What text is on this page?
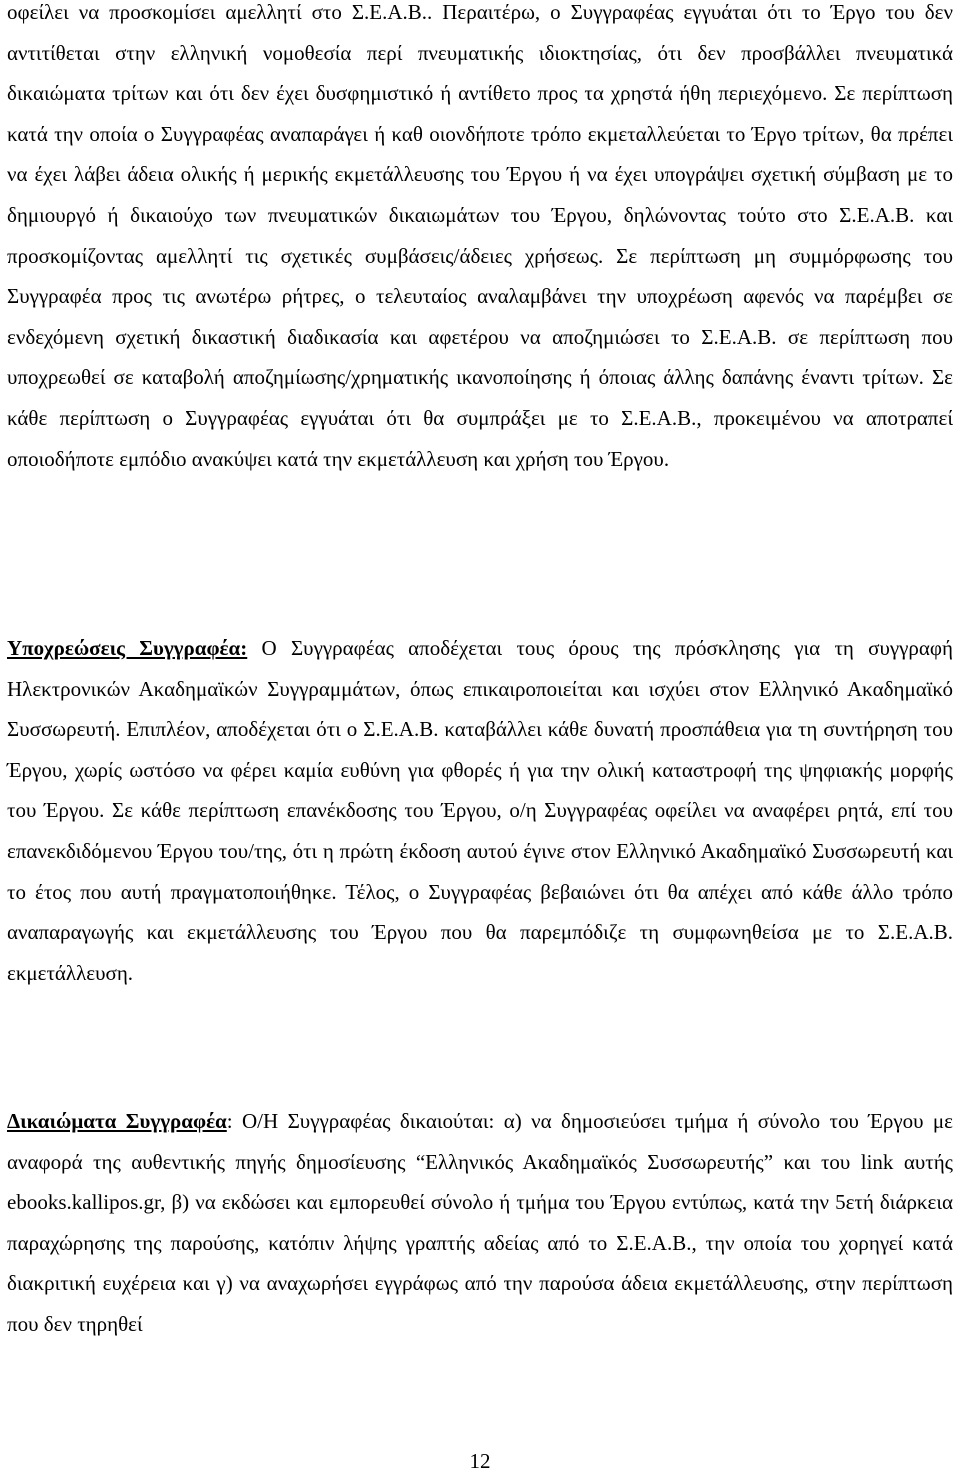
οφείλει να προσκομίσει αμελλητί στο Σ.Ε.Α.Β.. Περαιτέρω, ο Συγγραφέας εγγυάται ότι το Έργο του δεν αντιτίθεται στην ελληνική νομοθεσία περί πνευματικής ιδιοκτησίας, ότι δεν προσβάλλει πνευματικά δικαιώματα τρίτων και ότι δεν έχει δυσφημιστικό ή αντίθετο προς τα χρηστά ήθη περιεχόμενο. Σε περίπτωση κατά την οποία ο Συγγραφέας αναπαράγει ή καθ οιονδήποτε τρόπο εκμεταλλεύεται το Έργο τρίτων, θα πρέπει να έχει λάβει άδεια ολικής ή μερικής εκμετάλλευσης του Έργου ή να έχει υπογράψει σχετική σύμβαση με το δημιουργό ή δικαιούχο των πνευματικών δικαιωμάτων του Έργου, δηλώνοντας τούτο στο Σ.Ε.Α.Β. και προσκομίζοντας αμελλητί τις σχετικές συμβάσεις/άδειες χρήσεως. Σε περίπτωση μη συμμόρφωσης του Συγγραφέα προς τις ανωτέρω ρήτρες, ο τελευταίος αναλαμβάνει την υποχρέωση αφενός να παρέμβει σε ενδεχόμενη σχετική δικαστική διαδικασία και αφετέρου να αποζημιώσει το Σ.Ε.Α.Β. σε περίπτωση που υποχρεωθεί σε καταβολή αποζημίωσης/χρηματικής ικανοποίησης ή όποιας άλλης δαπάνης έναντι τρίτων. Σε κάθε περίπτωση ο Συγγραφέας εγγυάται ότι θα συμπράξει με το Σ.Ε.Α.Β., προκειμένου να αποτραπεί οποιοδήποτε εμπόδιο ανακύψει κατά την εκμετάλλευση και χρήση του Έργου.

Υποχρεώσεις Συγγραφέα: Ο Συγγραφέας αποδέχεται τους όρους της πρόσκλησης για τη συγγραφή Ηλεκτρονικών Ακαδημαϊκών Συγγραμμάτων, όπως επικαιροποιείται και ισχύει στον Ελληνικό Ακαδημαϊκό Συσσωρευτή. Επιπλέον, αποδέχεται ότι ο Σ.Ε.Α.Β. καταβάλλει κάθε δυνατή προσπάθεια για τη συντήρηση του Έργου, χωρίς ωστόσο να φέρει καμία ευθύνη για φθορές ή για την ολική καταστροφή της ψηφιακής μορφής του Έργου. Σε κάθε περίπτωση επανέκδοσης του Έργου, ο/η Συγγραφέας οφείλει να αναφέρει ρητά, επί του επανεκδιδόμενου Έργου του/της, ότι η πρώτη έκδοση αυτού έγινε στον Ελληνικό Ακαδημαϊκό Συσσωρευτή και το έτος που αυτή πραγματοποιήθηκε. Τέλος, ο Συγγραφέας βεβαιώνει ότι θα απέχει από κάθε άλλο τρόπο αναπαραγωγής και εκμετάλλευσης του Έργου που θα παρεμπόδιζε τη συμφωνηθείσα με το Σ.Ε.Α.Β. εκμετάλλευση.

Δικαιώματα Συγγραφέα: Ο/Η Συγγραφέας δικαιούται: α) να δημοσιεύσει τμήμα ή σύνολο του Έργου με αναφορά της αυθεντικής πηγής δημοσίευσης “Ελληνικός Ακαδημαϊκός Συσσωρευτής” και του link αυτής ebooks.kallipos.gr, β) να εκδώσει και εμπορευθεί σύνολο ή τμήμα του Έργου εντύπως, κατά την 5ετή διάρκεια παραχώρησης της παρούσης, κατόπιν λήψης γραπτής αδείας από το Σ.Ε.Α.Β., την οποία του χορηγεί κατά διακριτική ευχέρεια και γ) να αναχωρήσει εγγράφως από την παρούσα άδεια εκμετάλλευσης, στην περίπτωση που δεν τηρηθεί

12
